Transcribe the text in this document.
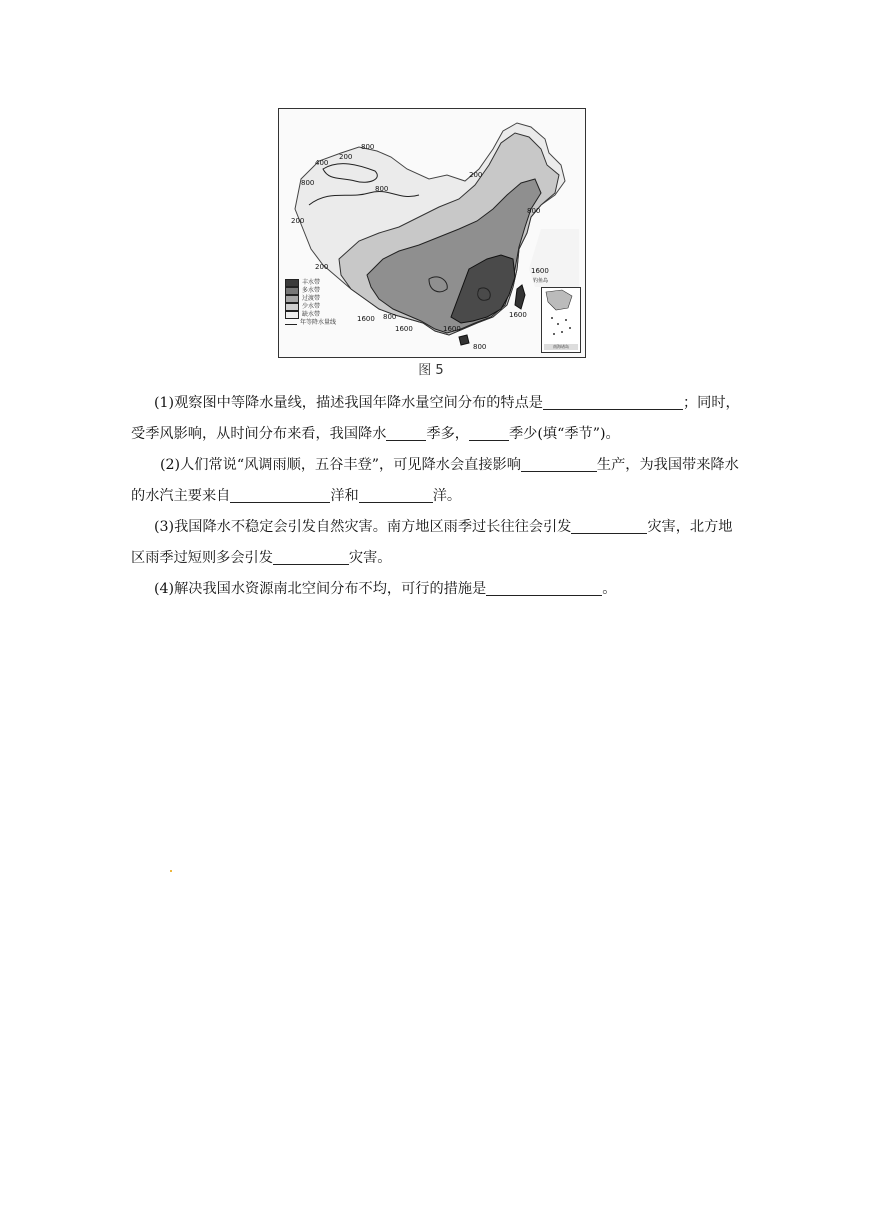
800
400
200
800
800
200
200
800
200	1600
1600 800
1600	1600
1600
800
钓鱼岛
丰水带
多水带
过渡带
少水带
缺水带
年等降水量线
南海诸岛
图 5

(1)观察图中等降水量线，描述我国年降水量空间分布的特点是	；同时，受季风影响，从时间分布来看，我国降水	季多，	季少(填“季节”)。

(2)人们常说“风调雨顺，五谷丰登”，可见降水会直接影响	生产，为我国带来降水的水汽主要来自	洋和	洋。

(3)我国降水不稳定会引发自然灾害。南方地区雨季过长往往会引发	灾害，北方地区雨季过短则多会引发	灾害。

(4)解决我国水资源南北空间分布不均，可行的措施是	。
